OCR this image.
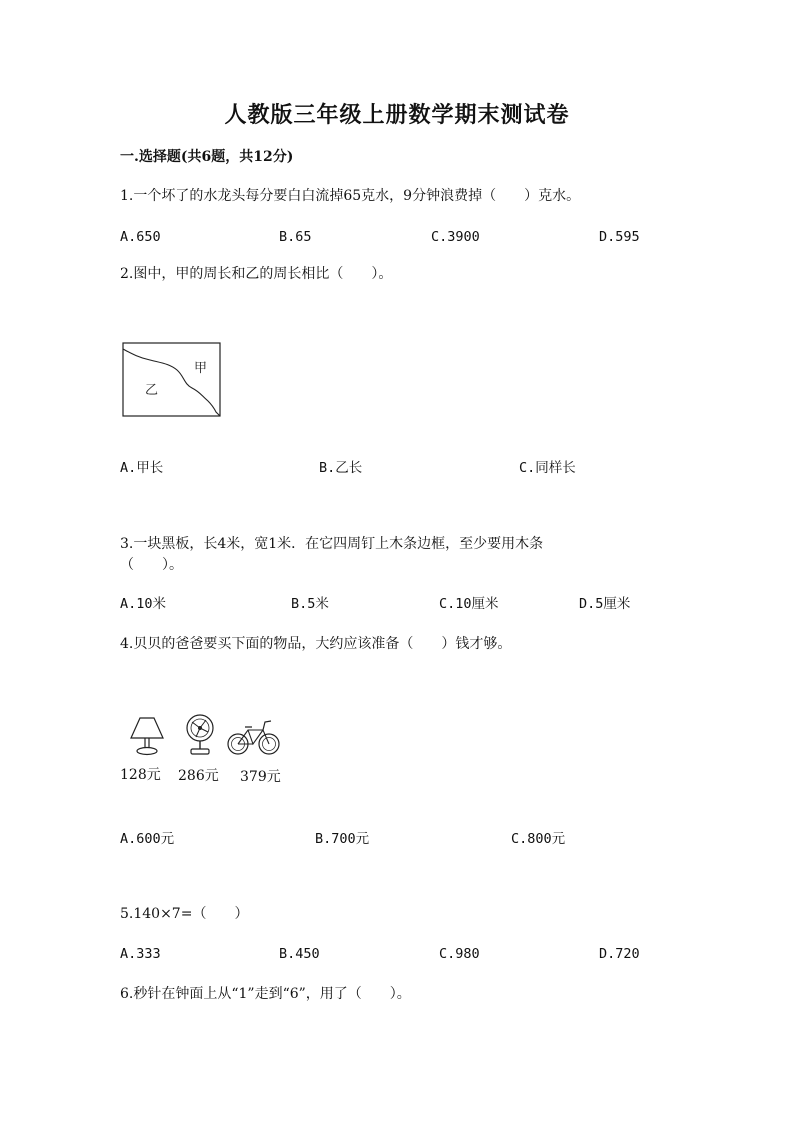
人教版三年级上册数学期末测试卷
一.选择题(共6题，共12分)
1.一个坏了的水龙头每分要白白流掉65克水，9分钟浪费掉（　　）克水。
A.650	B.65	C.3900	D.595
2.图中，甲的周长和乙的周长相比（　　）。
甲
乙
A.甲长	B.乙长	C.同样长
3.一块黑板，长4米，宽1米．在它四周钉上木条边框，至少要用木条
（　　）。
A.10米	B.5米	C.10厘米	D.5厘米
4.贝贝的爸爸要买下面的物品，大约应该准备（　　）钱才够。
128元 286元 379元
A.600元	B.700元	C.800元
5.140×7=（　　）
A.333	B.450	C.980	D.720
6.秒针在钟面上从“1”走到“6”，用了（　　）。
